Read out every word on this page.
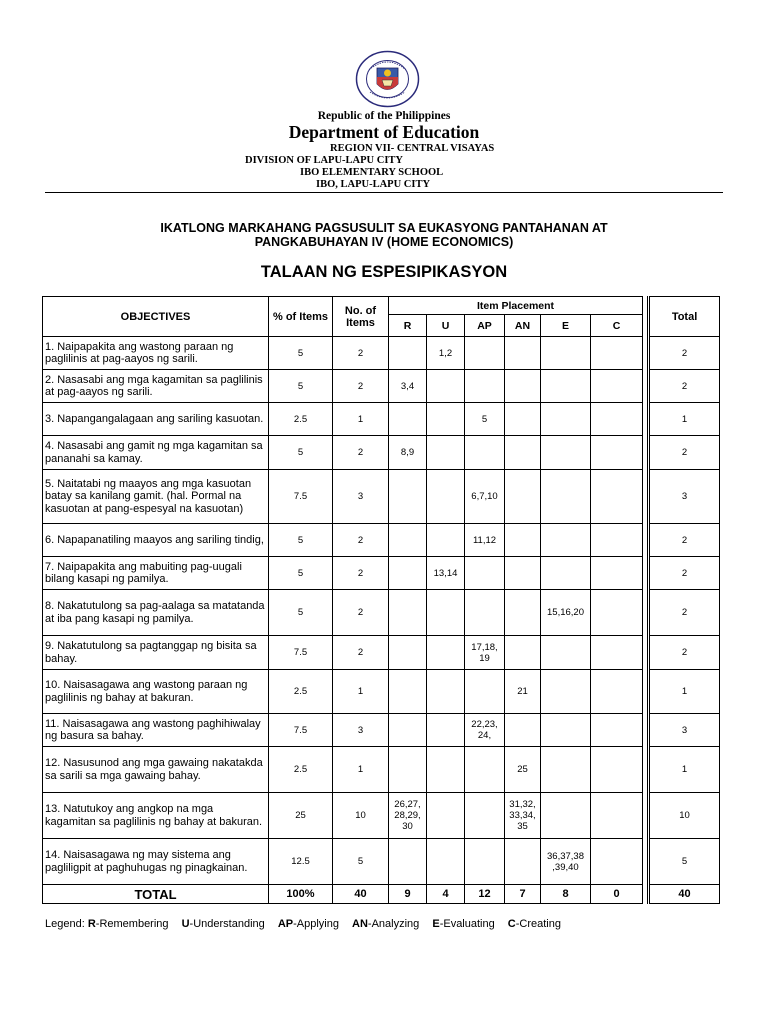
Republic of the Philippines
Department of Education
REGION VII- CENTRAL VISAYAS
DIVISION OF LAPU-LAPU CITY
IBO ELEMENTARY SCHOOL
IBO, LAPU-LAPU CITY
IKATLONG MARKAHANG PAGSUSULIT SA EUKASYONG PANTAHANAN AT
PANGKABUHAYAN IV (HOME ECONOMICS)
TALAAN NG ESPESIPIKASYON
OBJECTIVES	% of Items	No. of Items	Item Placement							Total
			R	U	AP	AN	E	C		
1. Naipapakita ang wastong paraan ng paglilinis at pag-aayos ng sarili.	5	2		1,2						2
2. Nasasabi ang mga kagamitan sa paglilinis at pag-aayos ng sarili.	5	2	3,4							2
3. Napangangalagaan ang sariling kasuotan.	2.5	1			5					1
4. Nasasabi ang gamit ng mga kagamitan sa pananahi sa kamay.	5	2	8,9							2
5. Naitatabi ng maayos ang mga kasuotan batay sa kanilang gamit. (hal. Pormal na kasuotan at pang-espesyal na kasuotan)	7.5	3			6,7,10					3
6. Napapanatiling maayos ang sariling tindig,	5	2			11,12					2
7. Naipapakita ang mabuiting pag-uugali bilang kasapi ng pamilya.	5	2		13,14						2
8. Nakatutulong sa pag-aalaga sa matatanda at iba pang kasapi ng pamilya.	5	2					15,16,20			2
9. Nakatutulong sa pagtanggap ng bisita sa bahay.	7.5	2			17,18, 19					2
10. Naisasagawa ang wastong paraan ng paglilinis ng bahay at bakuran.	2.5	1				21				1
11. Naisasagawa ang wastong paghihiwalay ng basura sa bahay.	7.5	3			22,23, 24,					3
12. Nasusunod ang mga gawaing nakatakda sa sarili sa mga gawaing bahay.	2.5	1				25				1
13. Natutukoy ang angkop na mga kagamitan sa paglilinis ng bahay at bakuran.	25	10	26,27, 28,29, 30			31,32, 33,34, 35				10
14. Naisasagawa ng may sistema ang pagliligpit at paghuhugas ng pinagkainan.	12.5	5					36,37,38 ,39,40			5
TOTAL	100%	40	9	4	12	7	8	0		40
Legend: R-Remembering U-Understanding AP-Applying AN-Analyzing E-Evaluating C-Creating
